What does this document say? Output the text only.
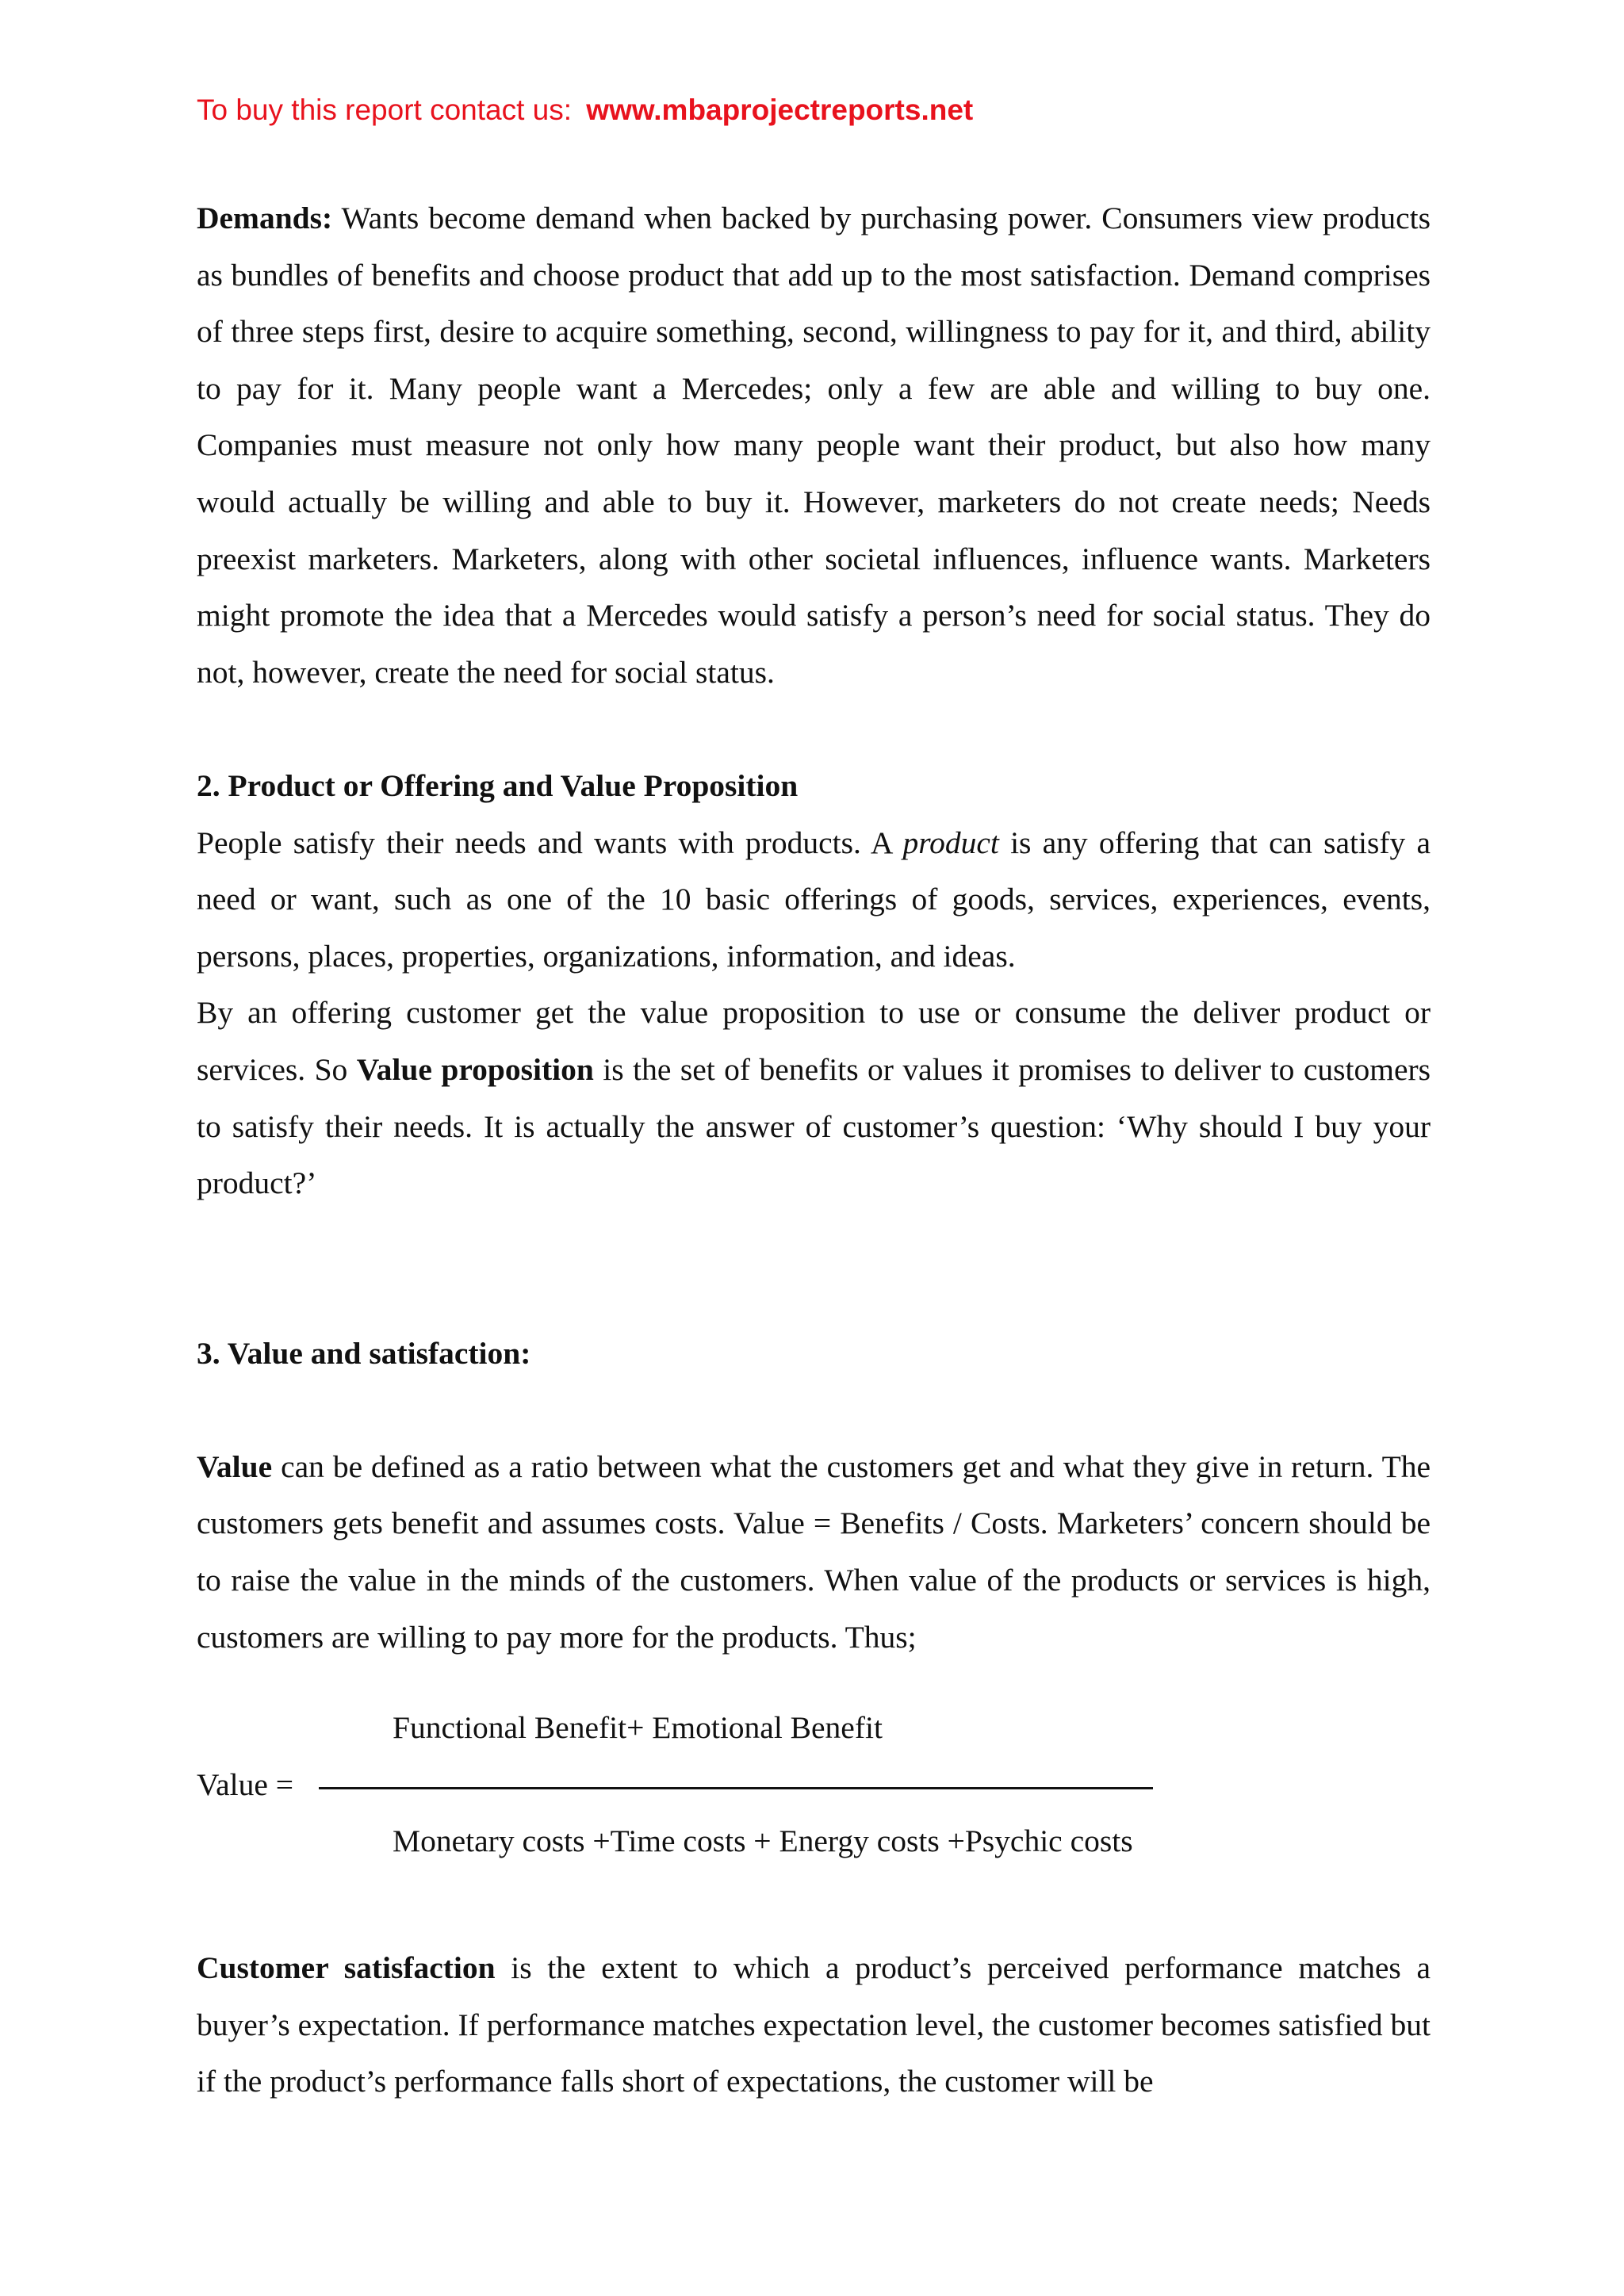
To buy this report contact us: www.mbaprojectreports.net

Demands: Wants become demand when backed by purchasing power. Consumers view products as bundles of benefits and choose product that add up to the most satisfaction. Demand comprises of three steps first, desire to acquire something, second, willingness to pay for it, and third, ability to pay for it. Many people want a Mercedes; only a few are able and willing to buy one. Companies must measure not only how many people want their product, but also how many would actually be willing and able to buy it. However, marketers do not create needs; Needs preexist marketers. Marketers, along with other societal influences, influence wants. Marketers might promote the idea that a Mercedes would satisfy a person’s need for social status. They do not, however, create the need for social status.

2. Product or Offering and Value Proposition

People satisfy their needs and wants with products. A product is any offering that can satisfy a need or want, such as one of the 10 basic offerings of goods, services, experiences, events, persons, places, properties, organizations, information, and ideas.

By an offering customer get the value proposition to use or consume the deliver product or services. So Value proposition is the set of benefits or values it promises to deliver to customers to satisfy their needs. It is actually the answer of customer’s question: ‘Why should I buy your product?’

3. Value and satisfaction:

Value can be defined as a ratio between what the customers get and what they give in return. The customers gets benefit and assumes costs. Value = Benefits / Costs. Marketers’ concern should be to raise the value in the minds of the customers. When value of the products or services is high, customers are willing to pay more for the products. Thus;

Functional Benefit+ Emotional Benefit
Value =
Monetary costs +Time costs + Energy costs +Psychic costs

Customer satisfaction is the extent to which a product’s perceived performance matches a buyer’s expectation. If performance matches expectation level, the customer becomes satisfied but if the product’s performance falls short of expectations, the customer will be
